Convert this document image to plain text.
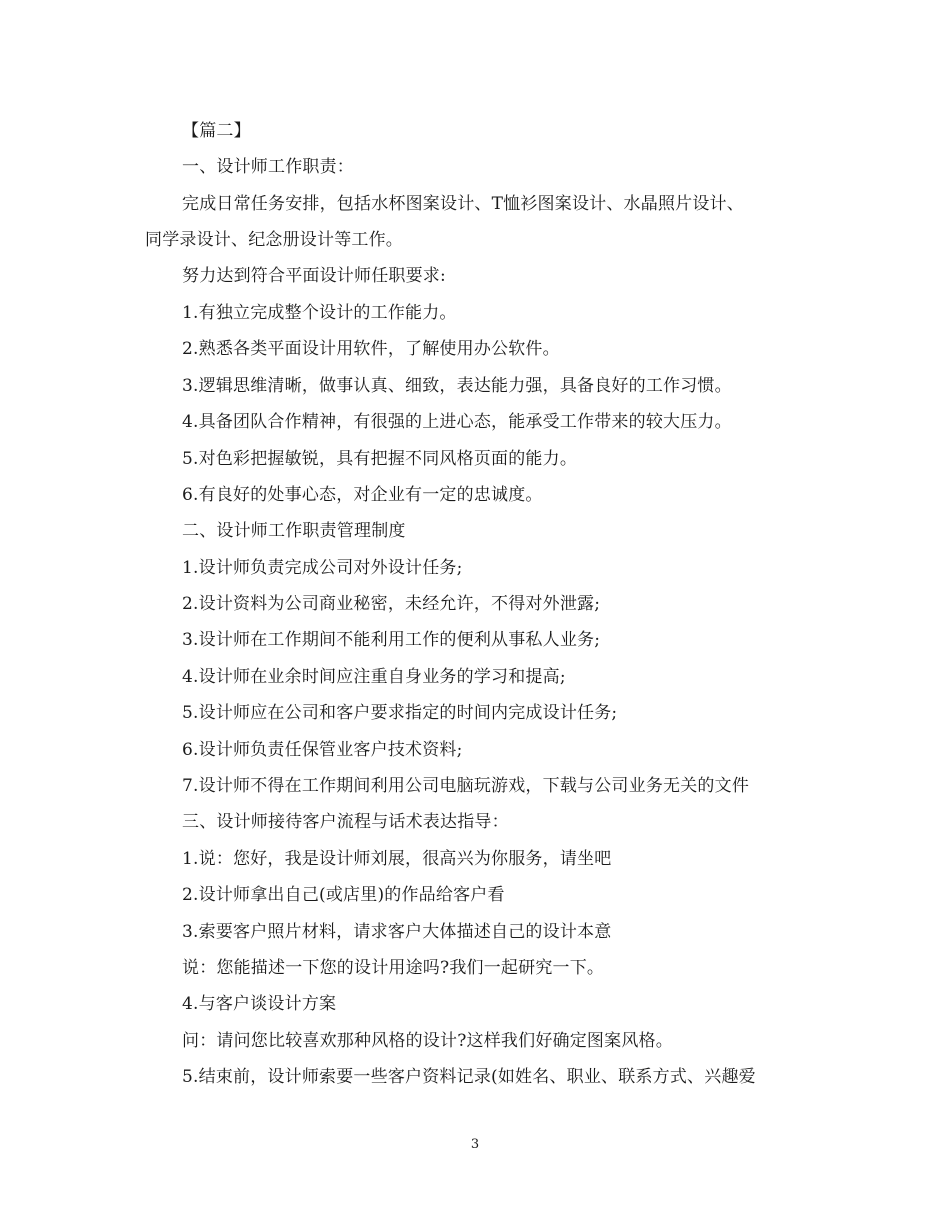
【篇二】
一、设计师工作职责：
完成日常任务安排，包括水杯图案设计、T恤衫图案设计、水晶照片设计、
同学录设计、纪念册设计等工作。
努力达到符合平面设计师任职要求:
1.有独立完成整个设计的工作能力。
2.熟悉各类平面设计用软件，了解使用办公软件。
3.逻辑思维清晰，做事认真、细致，表达能力强，具备良好的工作习惯。
4.具备团队合作精神，有很强的上进心态，能承受工作带来的较大压力。
5.对色彩把握敏锐，具有把握不同风格页面的能力。
6.有良好的处事心态，对企业有一定的忠诚度。
二、设计师工作职责管理制度
1.设计师负责完成公司对外设计任务;
2.设计资料为公司商业秘密，未经允许，不得对外泄露;
3.设计师在工作期间不能利用工作的便利从事私人业务;
4.设计师在业余时间应注重自身业务的学习和提高;
5.设计师应在公司和客户要求指定的时间内完成设计任务;
6.设计师负责任保管业客户技术资料;
7.设计师不得在工作期间利用公司电脑玩游戏，下载与公司业务无关的文件
三、设计师接待客户流程与话术表达指导：
1.说：您好，我是设计师刘展，很高兴为你服务，请坐吧
2.设计师拿出自己(或店里)的作品给客户看
3.索要客户照片材料，请求客户大体描述自己的设计本意
说：您能描述一下您的设计用途吗?我们一起研究一下。
4.与客户谈设计方案
问：请问您比较喜欢那种风格的设计?这样我们好确定图案风格。
5.结束前，设计师索要一些客户资料记录(如姓名、职业、联系方式、兴趣爱
3
